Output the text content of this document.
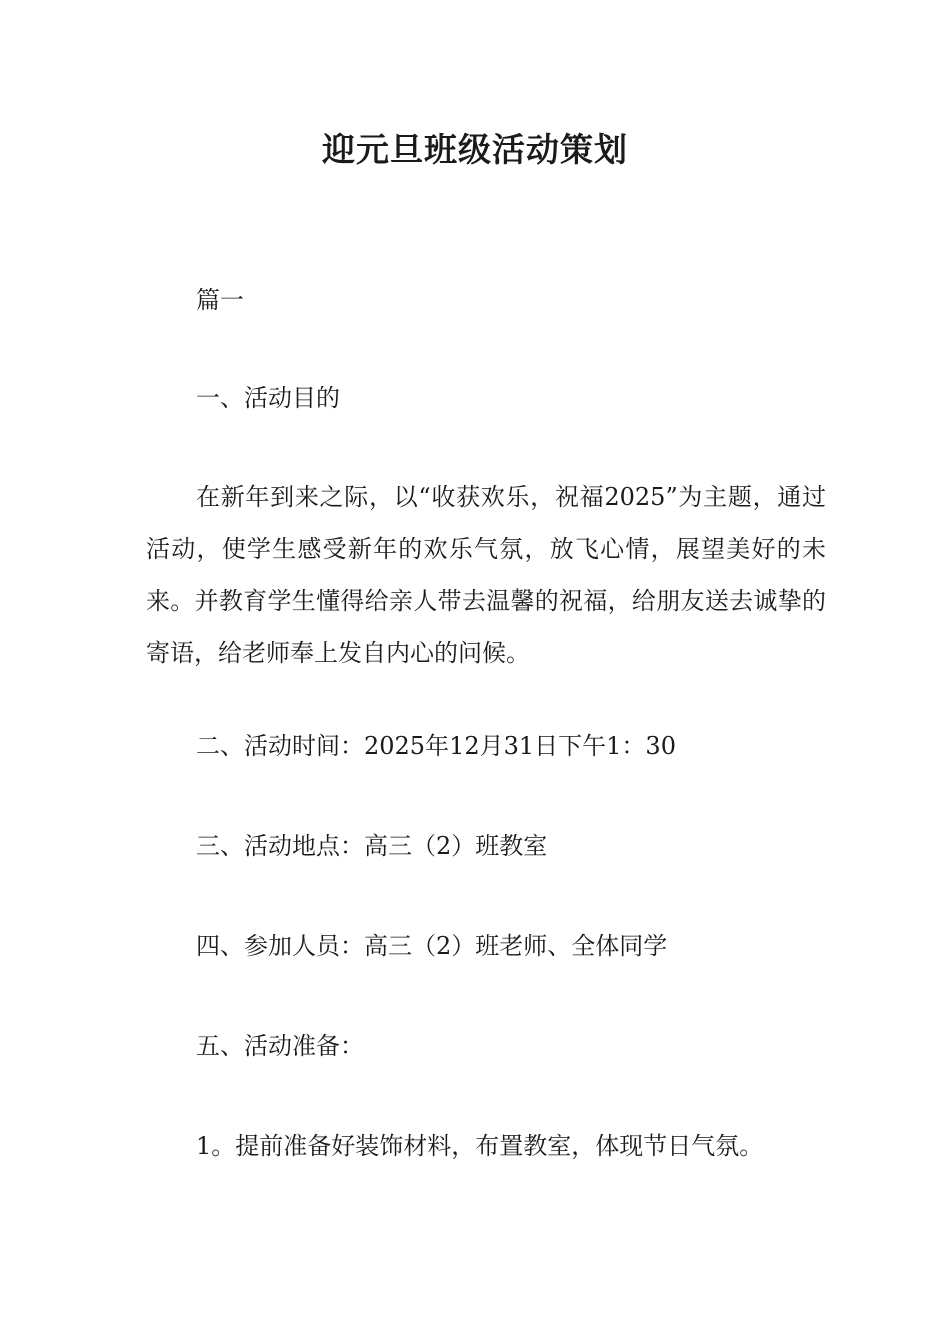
迎元旦班级活动策划
篇一
一、活动目的
在新年到来之际，以“收获欢乐，祝福2025”为主题，通过活动，使学生感受新年的欢乐气氛，放飞心情，展望美好的未来。并教育学生懂得给亲人带去温馨的祝福，给朋友送去诚挚的寄语，给老师奉上发自内心的问候。
二、活动时间：2025年12月31日下午1：30
三、活动地点：高三（2）班教室
四、参加人员：高三（2）班老师、全体同学
五、活动准备：
1。提前准备好装饰材料，布置教室，体现节日气氛。
